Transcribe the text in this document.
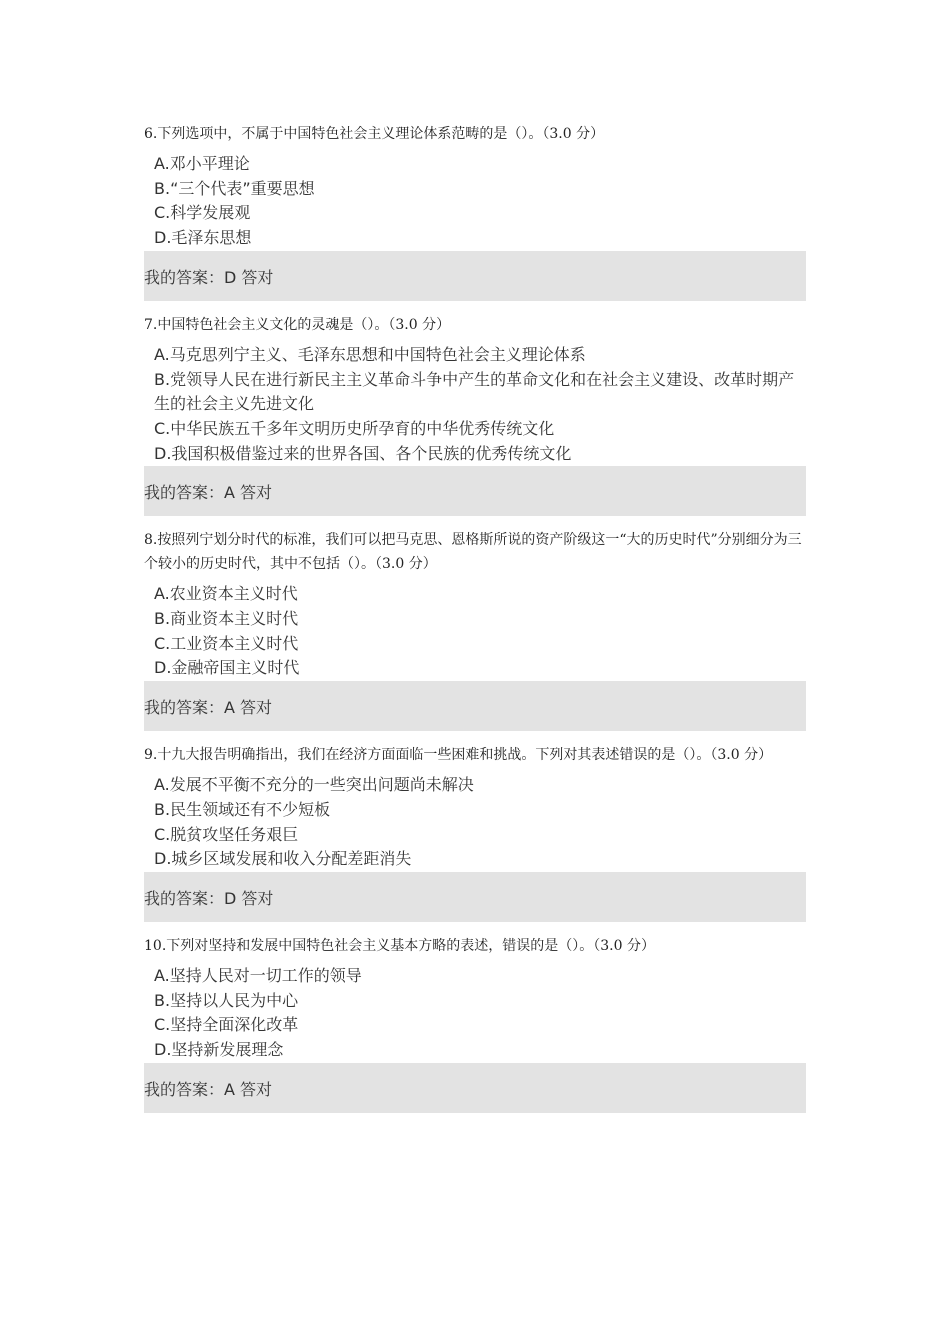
6.下列选项中，不属于中国特色社会主义理论体系范畴的是（）。（3.0 分）
A.邓小平理论
B.“三个代表”重要思想
C.科学发展观
D.毛泽东思想
我的答案：D 答对
7.中国特色社会主义文化的灵魂是（）。（3.0 分）
A.马克思列宁主义、毛泽东思想和中国特色社会主义理论体系
B.党领导人民在进行新民主主义革命斗争中产生的革命文化和在社会主义建设、改革时期产生的社会主义先进文化
C.中华民族五千多年文明历史所孕育的中华优秀传统文化
D.我国积极借鉴过来的世界各国、各个民族的优秀传统文化
我的答案：A 答对
8.按照列宁划分时代的标准，我们可以把马克思、恩格斯所说的资产阶级这一“大的历史时代”分别细分为三个较小的历史时代，其中不包括（）。（3.0 分）
A.农业资本主义时代
B.商业资本主义时代
C.工业资本主义时代
D.金融帝国主义时代
我的答案：A 答对
9.十九大报告明确指出，我们在经济方面面临一些困难和挑战。下列对其表述错误的是（）。（3.0 分）
A.发展不平衡不充分的一些突出问题尚未解决
B.民生领域还有不少短板
C.脱贫攻坚任务艰巨
D.城乡区域发展和收入分配差距消失
我的答案：D 答对
10.下列对坚持和发展中国特色社会主义基本方略的表述，错误的是（）。（3.0 分）
A.坚持人民对一切工作的领导
B.坚持以人民为中心
C.坚持全面深化改革
D.坚持新发展理念
我的答案：A 答对
